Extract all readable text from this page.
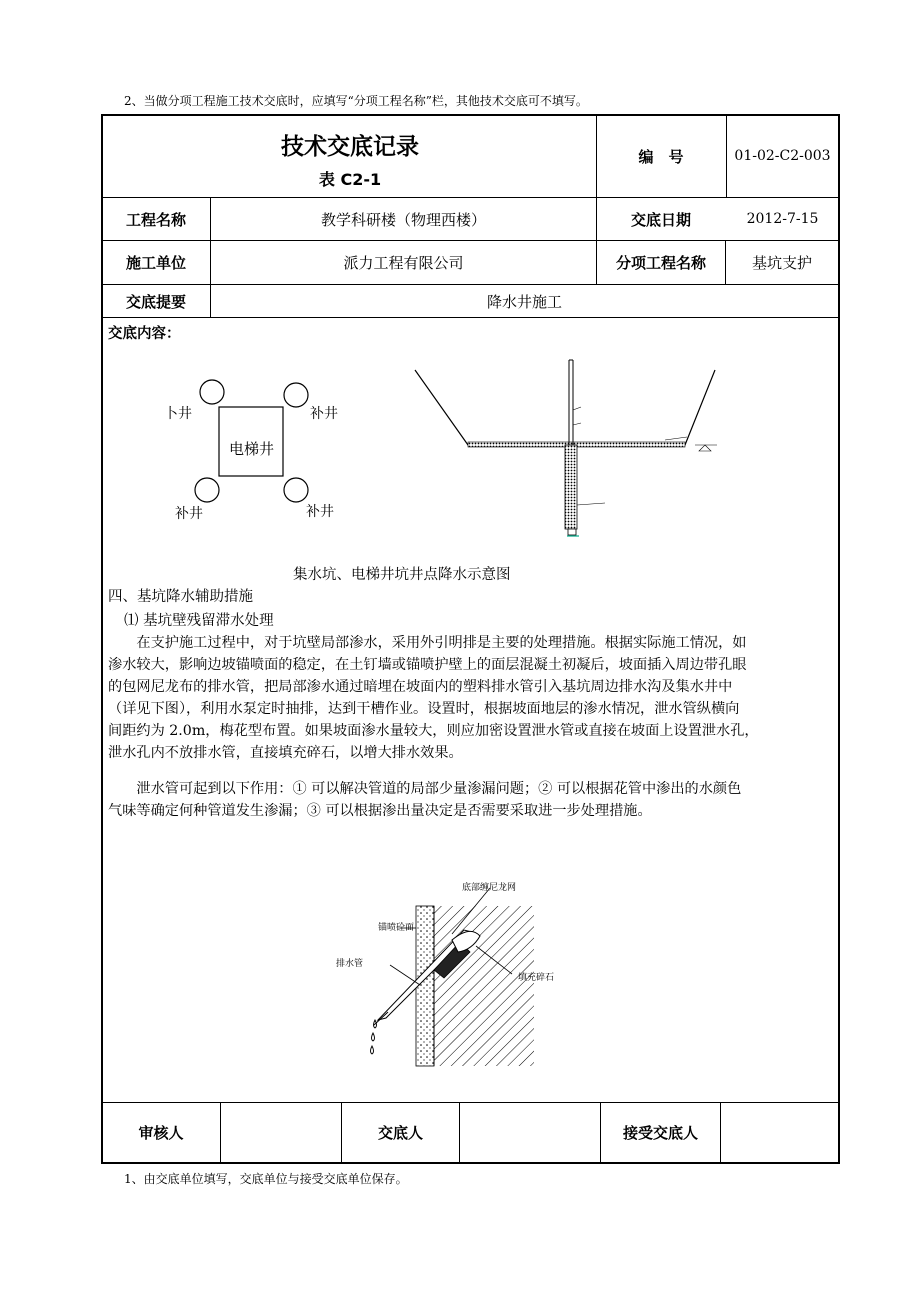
2、当做分项工程施工技术交底时，应填写“分项工程名称”栏，其他技术交底可不填写。
1、由交底单位填写，交底单位与接受交底单位保存。
技术交底记录
表 C2-1
编　号	01-02-C2-003
工程名称	教学科研楼（物理西楼）	交底日期	2012-7-15
施工单位	派力工程有限公司	分项工程名称	基坑支护
交底提要	降水井施工
交底内容：
卜井	补井
电梯井
补井	补井
集水坑、电梯井坑井点降水示意图
四、基坑降水辅助措施
⑴ 基坑壁残留滞水处理
　　在支护施工过程中，对于坑壁局部渗水，采用外引明排是主要的处理措施。根据实际施工情况，如
渗水较大，影响边坡锚喷面的稳定，在土钉墙或锚喷护壁上的面层混凝土初凝后，坡面插入周边带孔眼
的包网尼龙布的排水管，把局部渗水通过暗埋在坡面内的塑料排水管引入基坑周边排水沟及集水井中
（详见下图），利用水泵定时抽排，达到干槽作业。设置时，根据坡面地层的渗水情况，泄水管纵横向
间距约为 2.0m，梅花型布置。如果坡面渗水量较大，则应加密设置泄水管或直接在坡面上设置泄水孔，
泄水孔内不放排水管，直接填充碎石，以增大排水效果。
　　泄水管可起到以下作用：① 可以解决管道的局部少量渗漏问题；② 可以根据花管中渗出的水颜色
气味等确定何种管道发生渗漏；③ 可以根据渗出量决定是否需要采取进一步处理措施。
底部缠尼龙网
锚喷砼面
排水管
填充碎石
审核人	交底人	接受交底人
